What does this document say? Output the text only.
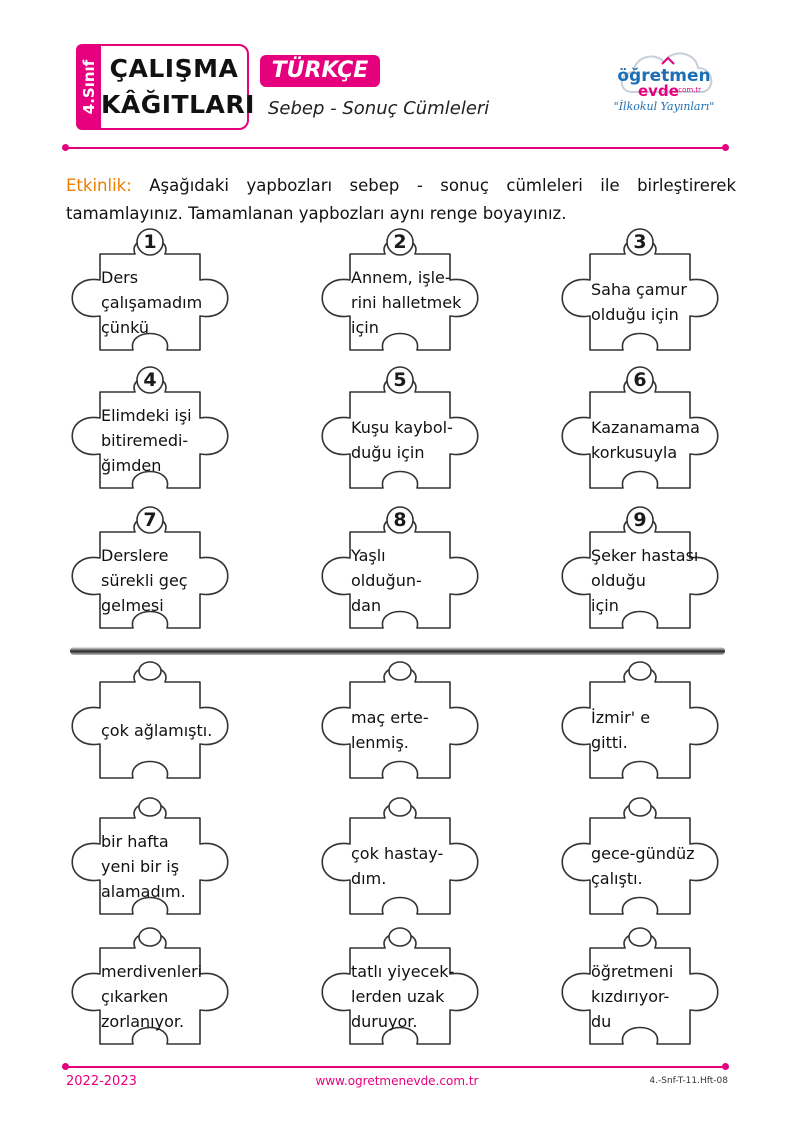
4.Sınıf ÇALIŞMA
KÂĞITLARI
TÜRKÇE
Sebep - Sonuç Cümleleri
öğretmen
evde
.com.tr
"İlkokul Yayınları"
Etkinlik: Aşağıdaki yapbozları sebep - sonuç cümleleri ile birleştirerek tamamlayınız. Tamamlanan yapbozları aynı renge boyayınız.
1
Ders
çalışamadım
çünkü
2
Annem, işle-
rini halletmek
için
3
Saha çamur
olduğu için
4
Elimdeki işi
bitiremedi-
ğimden
5
Kuşu kaybol-
duğu için
6
Kazanamama
korkusuyla
7
Derslere
sürekli geç
gelmesi
8
Yaşlı
olduğun-
dan
9
Şeker hastası
olduğu
için
çok ağlamıştı.
maç erte-
lenmiş.
İzmir' e
gitti.
bir hafta
yeni bir iş
alamadım.
çok hastay-
dım.
gece-gündüz
çalıştı.
merdivenleri
çıkarken
zorlanıyor.
tatlı yiyecek-
lerden uzak
duruyor.
öğretmeni
kızdırıyor-
du
2022-2023	www.ogretmenevde.com.tr	4.-Snf-T-11.Hft-08
